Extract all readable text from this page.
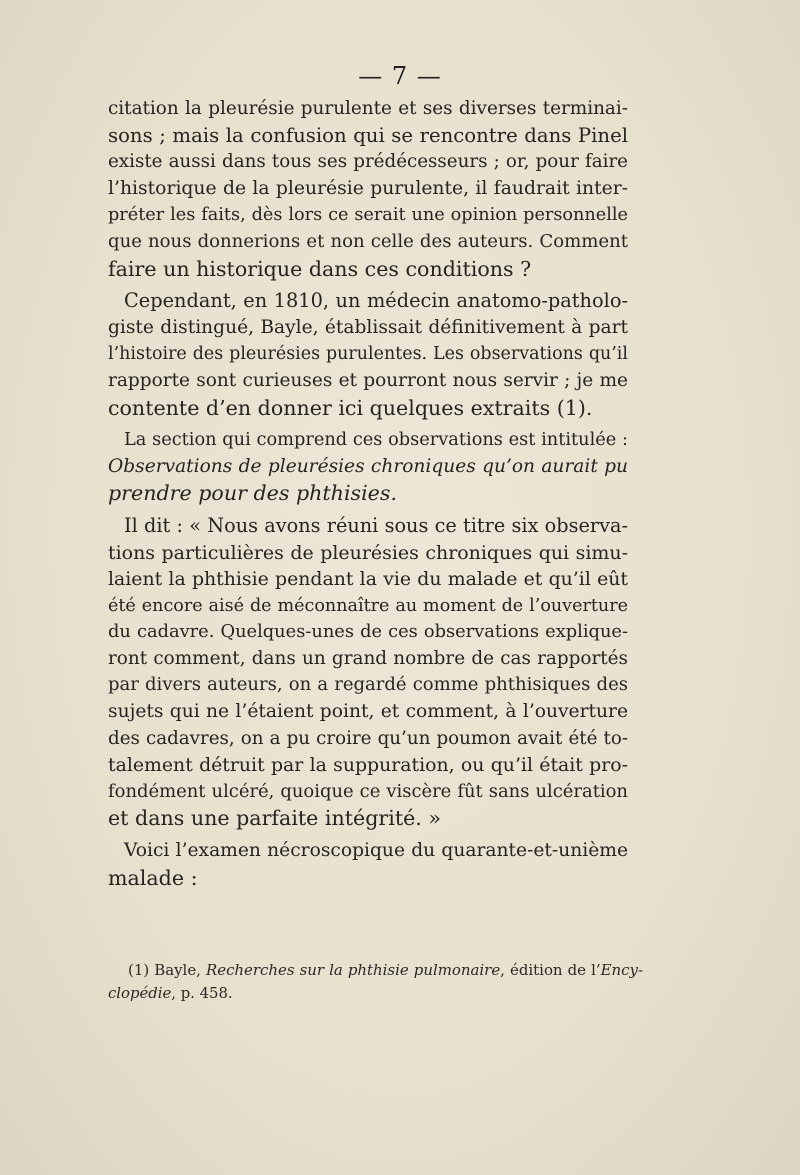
— 7 —
citation la pleurésie purulente et ses diverses terminai-
sons ; mais la confusion qui se rencontre dans Pinel
existe aussi dans tous ses prédécesseurs ; or, pour faire
l’historique de la pleurésie purulente, il faudrait inter-
préter les faits, dès lors ce serait une opinion personnelle
que nous donnerions et non celle des auteurs. Comment
faire un historique dans ces conditions ?
Cependant, en 1810, un médecin anatomo-patholo-
giste distingué, Bayle, établissait définitivement à part
l’histoire des pleurésies purulentes. Les observations qu’il
rapporte sont curieuses et pourront nous servir ; je me
contente d’en donner ici quelques extraits (1).
La section qui comprend ces observations est intitulée :
Observations de pleurésies chroniques qu’on aurait pu
prendre pour des phthisies.
Il dit : « Nous avons réuni sous ce titre six observa-
tions particulières de pleurésies chroniques qui simu-
laient la phthisie pendant la vie du malade et qu’il eût
été encore aisé de méconnaître au moment de l’ouverture
du cadavre. Quelques-unes de ces observations explique-
ront comment, dans un grand nombre de cas rapportés
par divers auteurs, on a regardé comme phthisiques des
sujets qui ne l’étaient point, et comment, à l’ouverture
des cadavres, on a pu croire qu’un poumon avait été to-
talement détruit par la suppuration, ou qu’il était pro-
fondément ulcéré, quoique ce viscère fût sans ulcération
et dans une parfaite intégrité. »
Voici l’examen nécroscopique du quarante-et-unième
malade :
(1) Bayle, Recherches sur la phthisie pulmonaire, édition de l’Ency-
clopédie, p. 458.
